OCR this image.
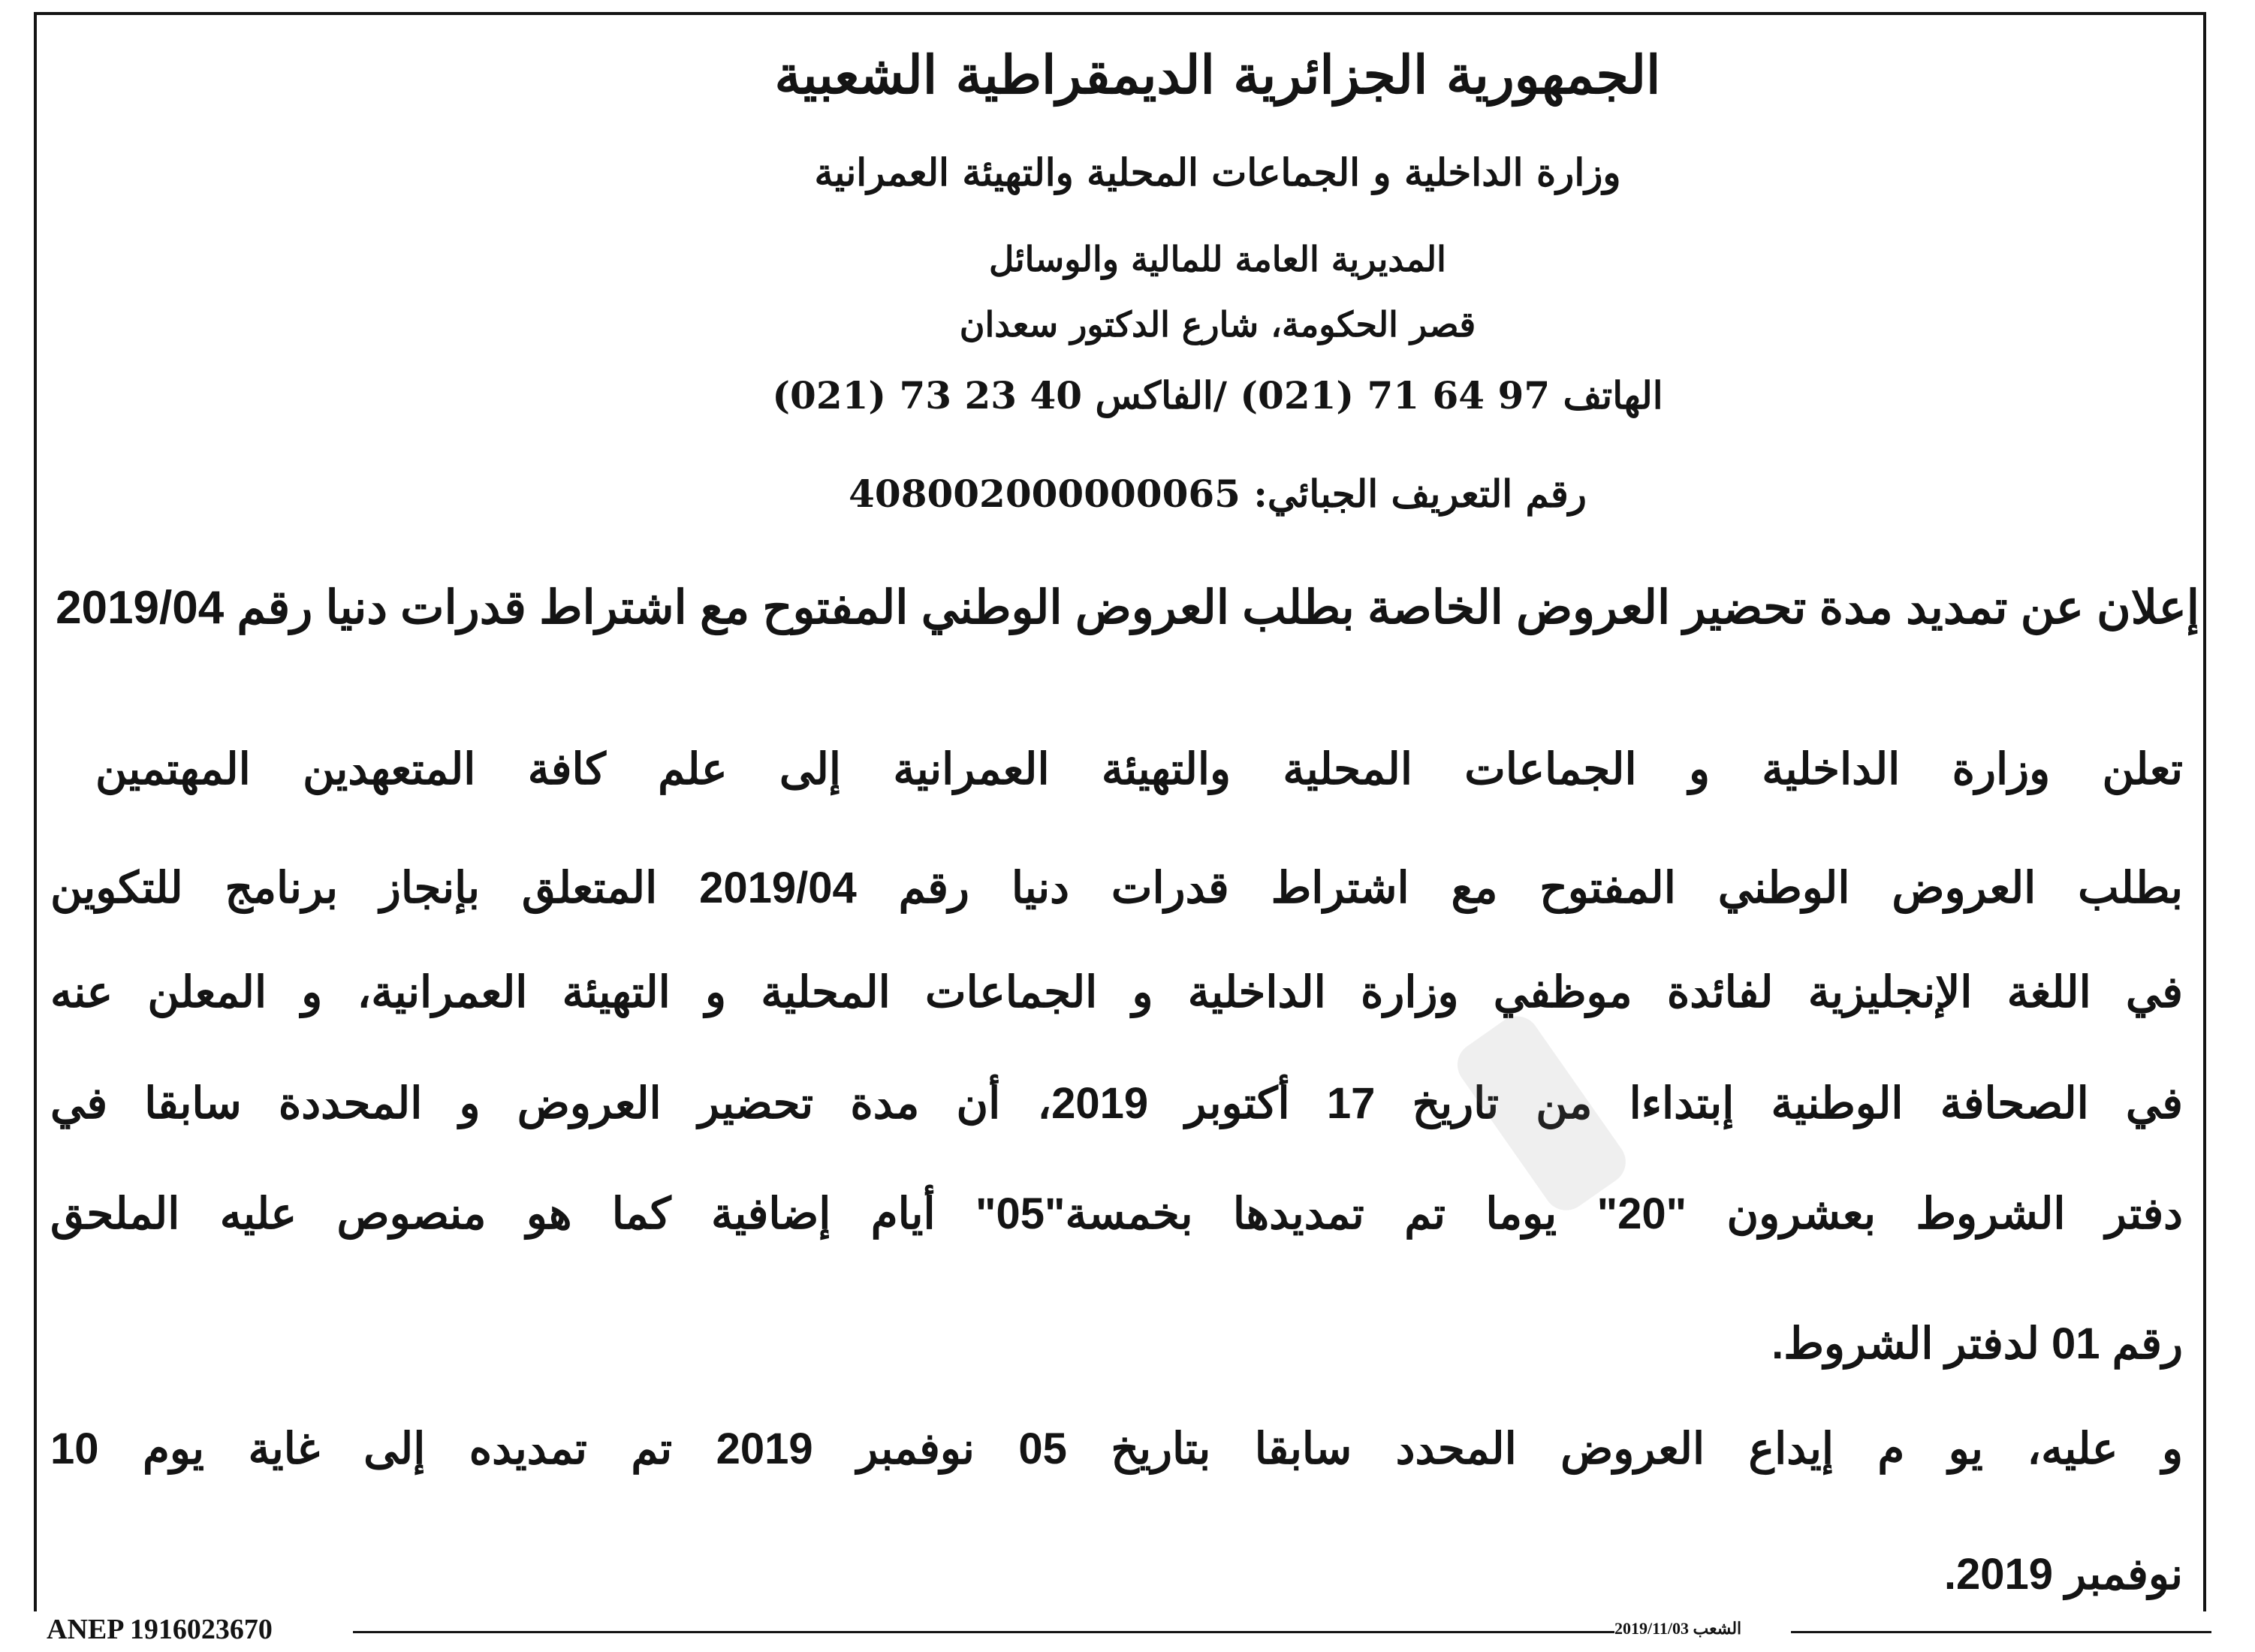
الجمهورية الجزائرية الديمقراطية الشعبية
وزارة الداخلية و الجماعات المحلية والتهيئة العمرانية
المديرية العامة للمالية والوسائل
قصر الحكومة، شارع الدكتور سعدان
الهاتف 97 64 71 (021) /الفاكس 40 23 73 (021)
رقم التعريف الجبائي: 408002000000065
إعلان عن تمديد مدة تحضير العروض الخاصة بطلب العروض الوطني المفتوح مع اشتراط قدرات دنيا رقم 2019/04
تعلن وزارة الداخلية و الجماعات المحلية والتهيئة العمرانية إلى علم كافة المتعهدين المهتمين
بطلب العروض الوطني المفتوح مع اشتراط قدرات دنيا رقم 2019/04 المتعلق بإنجاز برنامج للتكوين
في اللغة الإنجليزية لفائدة موظفي وزارة الداخلية و الجماعات المحلية و التهيئة العمرانية، و المعلن عنه
في الصحافة الوطنية إبتداءا من تاريخ 17 أكتوبر 2019، أن مدة تحضير العروض و المحددة سابقا في
دفتر الشروط بعشرون "20" يوما تم تمديدها بخمسة"05" أيام إضافية كما هو منصوص عليه الملحق
رقم 01 لدفتر الشروط.
و عليه، يو م إيداع العروض المحدد سابقا بتاريخ 05 نوفمبر 2019 تم تمديده إلى غاية يوم 10
نوفمبر 2019.
ANEP 1916023670	الشعب 2019/11/03
